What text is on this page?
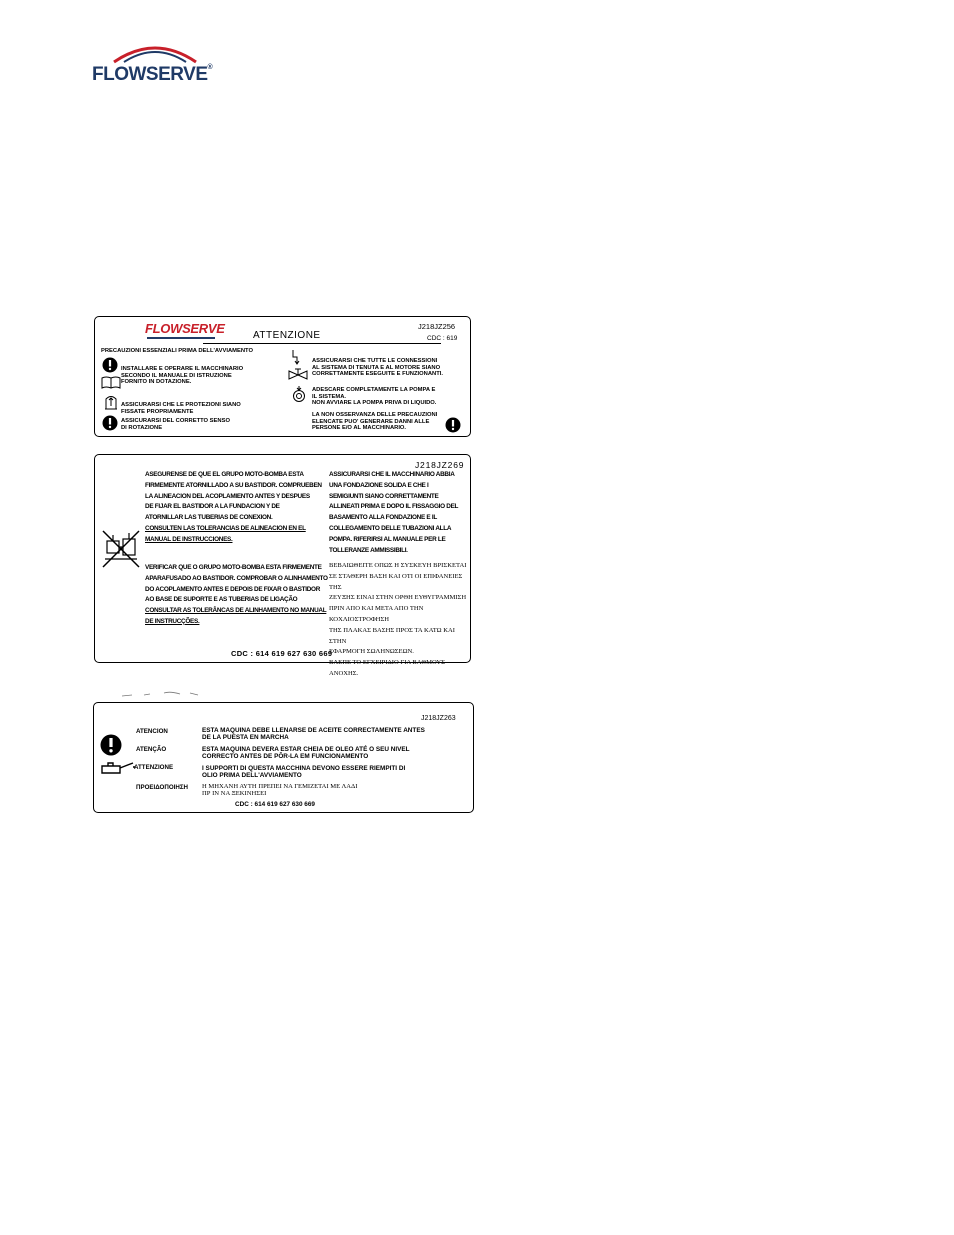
FLOWSERVE®
FLOWSERVE	ATTENZIONE
J218JZ256
CDC : 619
PRECAUZIONI ESSENZIALI PRIMA DELL'AVVIAMENTO
INSTALLARE E OPERARE IL MACCHINARIO
SECONDO IL MANUALE DI ISTRUZIONE
FORNITO IN DOTAZIONE.
ASSICURARSI CHE LE PROTEZIONI SIANO
FISSATE PROPRIAMENTE
ASSICURARSI DEL CORRETTO SENSO
DI ROTAZIONE
ASSICURARSI CHE TUTTE LE CONNESSIONI
AL SISTEMA DI TENUTA E AL MOTORE SIANO
CORRETTAMENTE ESEGUITE E FUNZIONANTI.
ADESCARE COMPLETAMENTE LA POMPA E
IL SISTEMA.
NON AVVIARE LA POMPA PRIVA DI LIQUIDO.
LA NON OSSERVANZA DELLE PRECAUZIONI
ELENCATE PUO' GENERARE DANNI ALLE
PERSONE E/O AL MACCHINARIO.
J218JZ269
ASEGURENSE DE QUE EL GRUPO MOTO-BOMBA ESTA
FIRMEMENTE ATORNILLADO A SU BASTIDOR. COMPRUEBEN
LA ALINEACION DEL ACOPLAMIENTO ANTES Y DESPUES
DE FIJAR EL BASTIDOR A LA FUNDACION Y DE
ATORNILLAR LAS TUBERIAS DE CONEXION.
CONSULTEN LAS TOLERANCIAS DE ALINEACION EN EL
MANUAL DE INSTRUCCIONES.
VERIFICAR QUE O GRUPO MOTO-BOMBA ESTA FIRMEMENTE
APARAFUSADO AO BASTIDOR. COMPROBAR O ALINHAMENTO
DO ACOPLAMENTO ANTES E DEPOIS DE FIXAR O BASTIDOR
AO BASE DE SUPORTE E AS TUBERIAS DE LIGAÇÃO
CONSULTAR AS TOLERÂNCAS DE ALINHAMENTO NO MANUAL
DE INSTRUCÇÕES.
ASSICURARSI CHE IL MACCHINARIO ABBIA
UNA FONDAZIONE SOLIDA E CHE I
SEMIGIUNTI SIANO CORRETTAMENTE
ALLINEATI PRIMA E DOPO IL FISSAGGIO DEL
BASAMENTO ALLA FONDAZIONE E IL
COLLEGAMENTO DELLE TUBAZIONI ALLA
POMPA. RIFERIRSI AL MANUALE PER LE
TOLLERANZE AMMISSIBILI.
ΒΕΒΑΙΩΘΕΙΤΕ ΟΠΩΣ Η ΣΥΣΚΕΥΗ ΒΡΙΣΚΕΤΑΙ
ΣΕ ΣΤΑΘΕΡΗ ΒΑΣΗ ΚΑΙ ΟΤΙ ΟΙ ΕΠΙΦΑΝΕΙΕΣ ΤΗΣ
ΖΕΥΞΗΣ ΕΙΝΑΙ ΣΤΗΝ ΟΡΘΗ ΕΥΘΥΓΡΑΜΜΙΣΗ
ΠΡΙΝ ΑΠΟ ΚΑΙ ΜΕΤΑ ΑΠΟ ΤΗΝ ΚΟΧΛΙΟΣΤΡΟΦΗΣΗ
ΤΗΣ ΠΛΑΚΑΣ ΒΑΣΗΣ ΠΡΟΣ ΤΑ ΚΑΤΩ ΚΑΙ ΣΤΗΝ
ΕΦΑΡΜΟΓΗ ΣΩΛΗΝΩΣΕΩΝ.
ΒΛΕΠΕ ΤΟ ΕΓΧΕΙΡΙΔΙΟ ΓΙΑ ΒΑΘΜΟΥΣ ΑΝΟΧΗΣ.
CDC : 614 619 627 630 669
J218JZ263
ATENCION	ESTA MAQUINA DEBE LLENARSE DE ACEITE CORRECTAMENTE ANTES
DE LA PUESTA EN MARCHA
ATENÇÃO	ESTA MAQUINA DEVERA ESTAR CHEIA DE OLEO ATÉ O SEU NIVEL
CORRECTO ANTES DE PÔR-LA EM FUNCIONAMENTO
ATTENZIONE	I SUPPORTI DI QUESTA MACCHINA DEVONO ESSERE RIEMPITI DI
OLIO PRIMA DELL'AVVIAMENTO
ΠΡΟΕΙΔΟΠΟΙΗΣΗ Η ΜΗΧΑΝΗ ΑΥΤΗ ΠΡΕΠΕΙ ΝΑ ΓΕΜΙΖΕΤΑΙ ΜΕ ΛΑΔΙ
ΠΡ ΙΝ ΝΑ ΞΕΚΙΝΗΣΕΙ
CDC : 614 619 627 630 669
